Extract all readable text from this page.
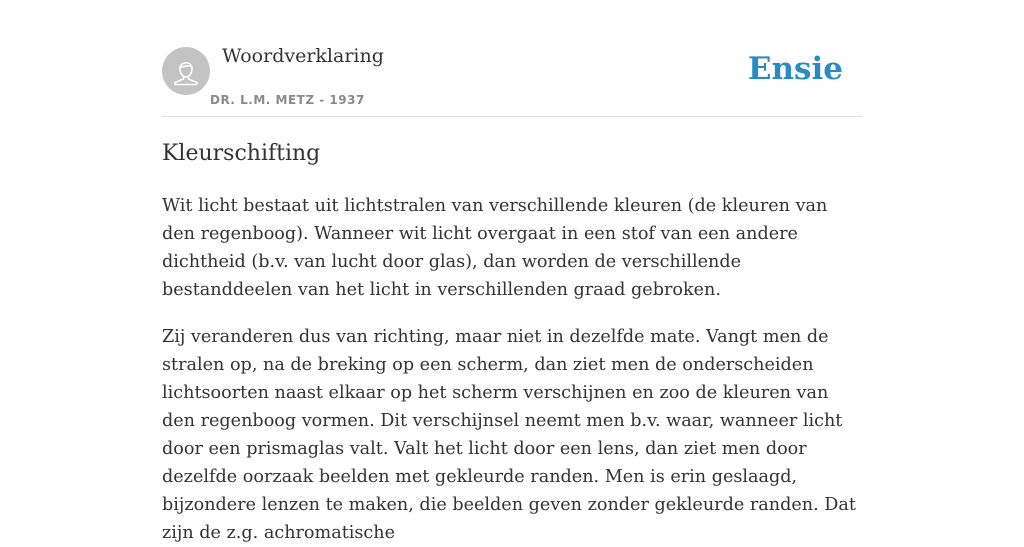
Woordverklaring
DR. L.M. METZ - 1937
Ensie
Kleurschifting

Wit licht bestaat uit lichtstralen van verschillende kleuren (de kleuren van den regenboog). Wanneer wit licht overgaat in een stof van een andere dichtheid (b.v. van lucht door glas), dan worden de verschillende bestanddeelen van het licht in verschillenden graad gebroken.

Zij veranderen dus van richting, maar niet in dezelfde mate. Vangt men de stralen op, na de breking op een scherm, dan ziet men de onderscheiden lichtsoorten naast elkaar op het scherm verschijnen en zoo de kleuren van den regenboog vormen. Dit verschijnsel neemt men b.v. waar, wanneer licht door een prismaglas valt. Valt het licht door een lens, dan ziet men door dezelfde oorzaak beelden met gekleurde randen. Men is erin geslaagd, bijzondere lenzen te maken, die beelden geven zonder gekleurde randen. Dat zijn de z.g. achromatische
